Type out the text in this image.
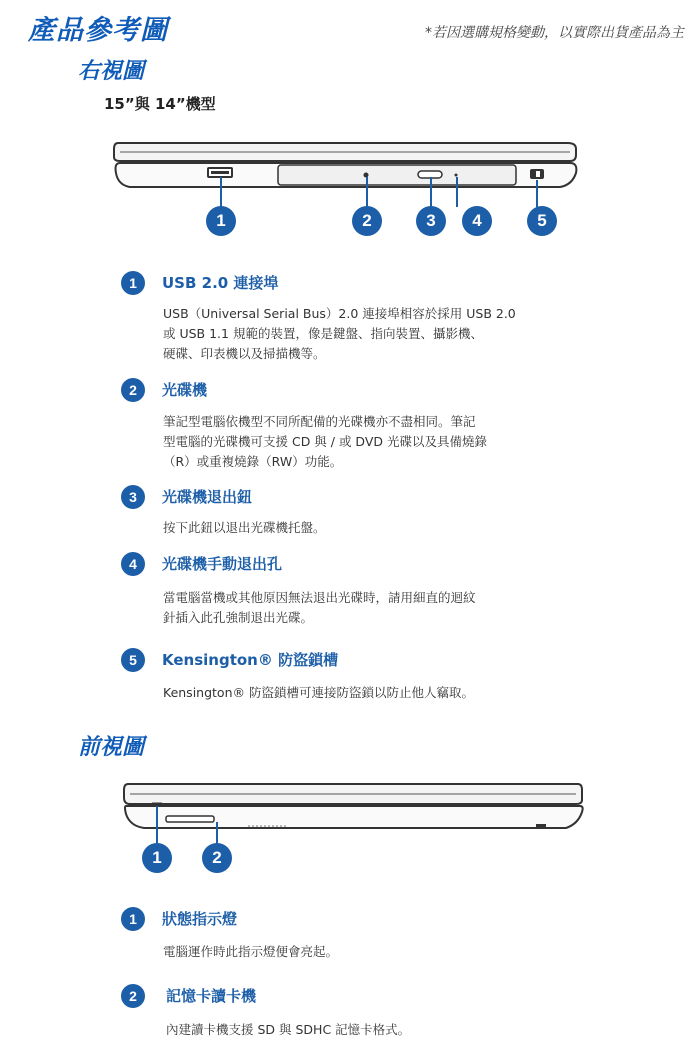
產品參考圖	*若因選購規格變動，以實際出貨產品為主
右視圖
15”與 14”機型
1	2	3	4	5
1	USB 2.0 連接埠
USB（Universal Serial Bus）2.0 連接埠相容於採用 USB 2.0
或 USB 1.1 規範的裝置，像是鍵盤、指向裝置、攝影機、
硬碟、印表機以及掃描機等。
2	光碟機
筆記型電腦依機型不同所配備的光碟機亦不盡相同。筆記
型電腦的光碟機可支援 CD 與 / 或 DVD 光碟以及具備燒錄
（R）或重複燒錄（RW）功能。
3	光碟機退出鈕
按下此鈕以退出光碟機托盤。
4	光碟機手動退出孔
當電腦當機或其他原因無法退出光碟時，請用細直的迴紋
針插入此孔強制退出光碟。
5	Kensington® 防盜鎖槽
Kensington® 防盜鎖槽可連接防盜鎖以防止他人竊取。
前視圖
1	2
1	狀態指示燈
電腦運作時此指示燈便會亮起。
2	記憶卡讀卡機
內建讀卡機支援 SD 與 SDHC 記憶卡格式。
